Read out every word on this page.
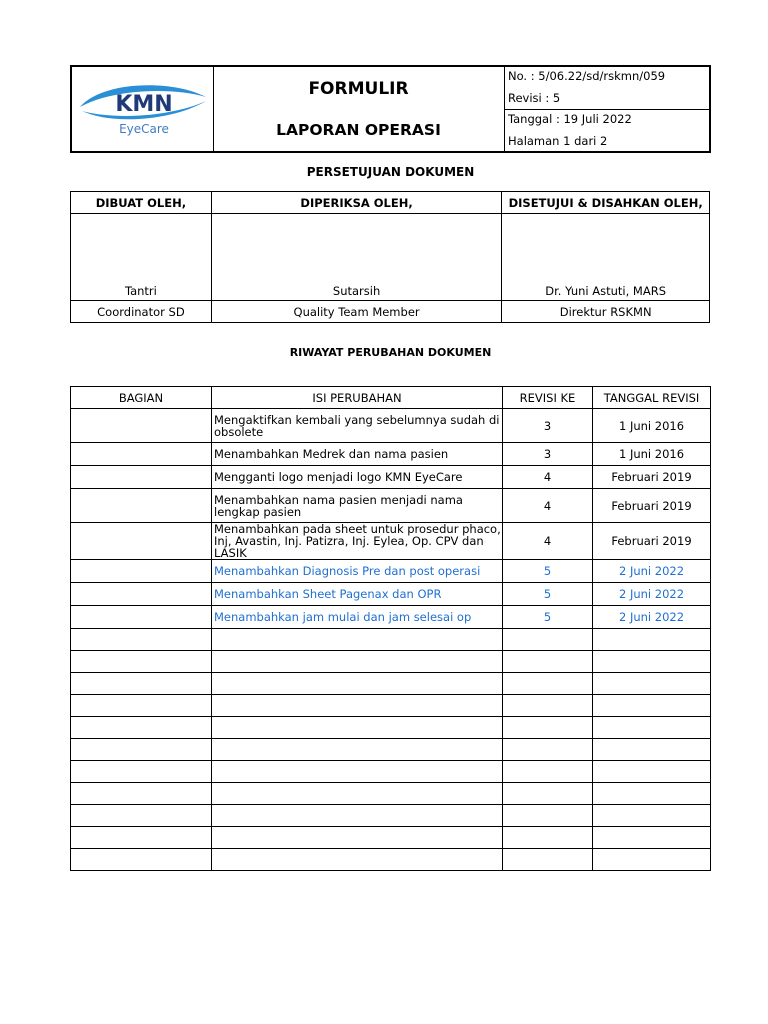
KMN
EyeCare
FORMULIR
LAPORAN OPERASI
No. : 5/06.22/sd/rskmn/059
Revisi : 5
Tanggal : 19 Juli 2022
Halaman 1 dari 2
PERSETUJUAN DOKUMEN
DIBUAT OLEH,	DIPERIKSA OLEH,	DISETUJUI & DISAHKAN OLEH,
Tantri	Sutarsih	Dr. Yuni Astuti, MARS
Coordinator SD	Quality Team Member	Direktur RSKMN
RIWAYAT PERUBAHAN DOKUMEN
BAGIAN	ISI PERUBAHAN	REVISI KE	TANGGAL REVISI
	Mengaktifkan kembali yang sebelumnya sudah di obsolete	3	1 Juni 2016
	Menambahkan Medrek dan nama pasien	3	1 Juni 2016
	Mengganti logo menjadi logo KMN EyeCare	4	Februari 2019
	Menambahkan nama pasien menjadi nama lengkap pasien	4	Februari 2019
	Menambahkan pada sheet untuk prosedur phaco, Inj, Avastin, Inj. Patizra, Inj. Eylea, Op. CPV dan LASIK	4	Februari 2019
	Menambahkan Diagnosis Pre dan post operasi	5	2 Juni 2022
	Menambahkan Sheet Pagenax dan OPR	5	2 Juni 2022
	Menambahkan jam mulai dan jam selesai op	5	2 Juni 2022
